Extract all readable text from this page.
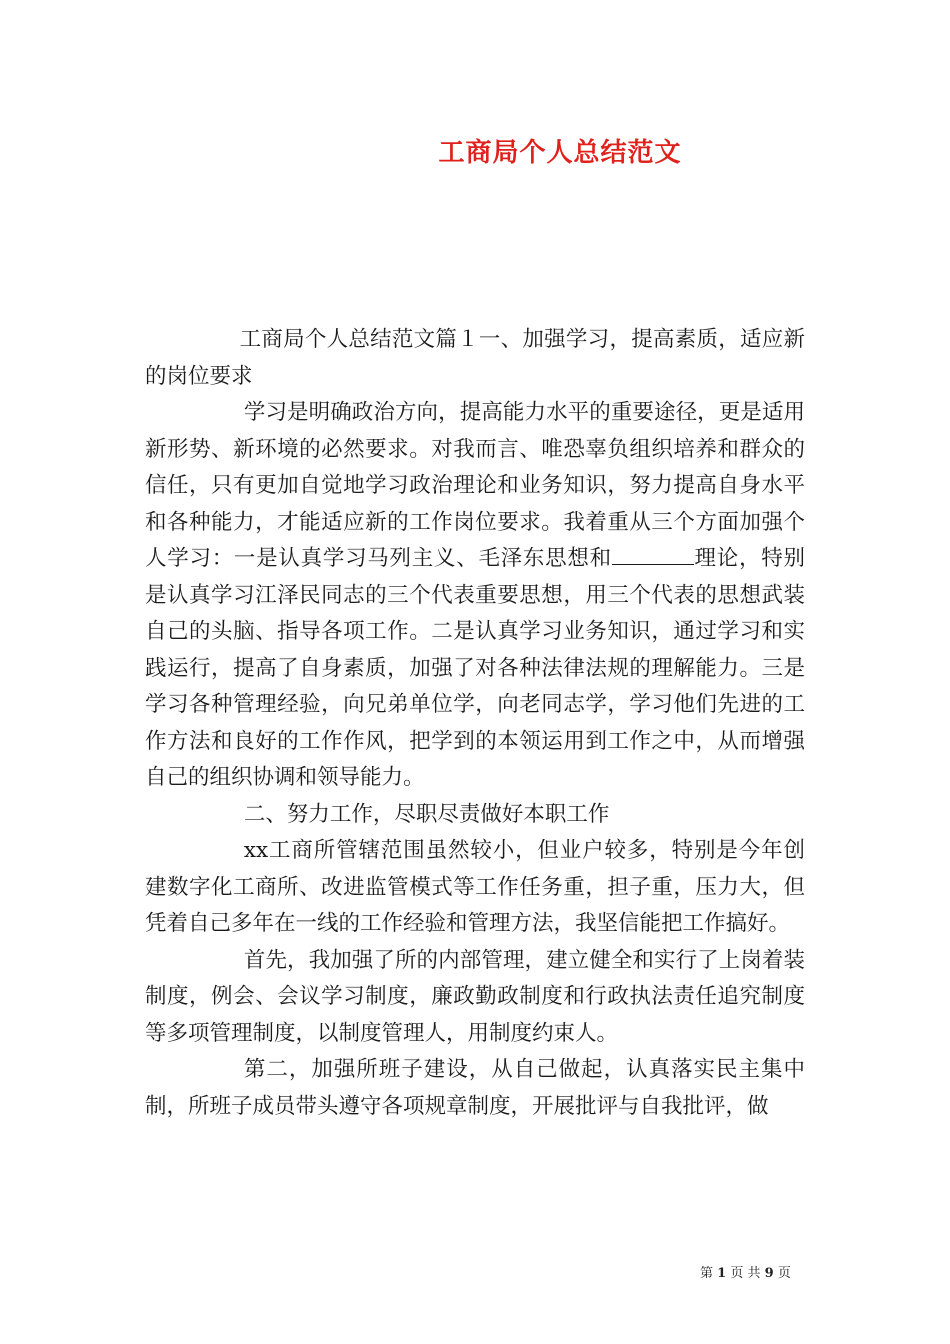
工商局个人总结范文

工商局个人总结范文篇１一、加强学习，提高素质，适应新的岗位要求

学习是明确政治方向，提高能力水平的重要途径，更是适用新形势、新环境的必然要求。对我而言、唯恐辜负组织培养和群众的信任，只有更加自觉地学习政治理论和业务知识，努力提高自身水平和各种能力，才能适应新的工作岗位要求。我着重从三个方面加强个人学习：一是认真学习马列主义、毛泽东思想和	理论，特别是认真学习江泽民同志的三个代表重要思想，用三个代表的思想武装自己的头脑、指导各项工作。二是认真学习业务知识，通过学习和实践运行，提高了自身素质，加强了对各种法律法规的理解能力。三是学习各种管理经验，向兄弟单位学，向老同志学，学习他们先进的工作方法和良好的工作作风，把学到的本领运用到工作之中，从而增强自己的组织协调和领导能力。

二、努力工作，尽职尽责做好本职工作

xx工商所管辖范围虽然较小，但业户较多，特别是今年创建数字化工商所、改进监管模式等工作任务重，担子重，压力大，但凭着自己多年在一线的工作经验和管理方法，我坚信能把工作搞好。

首先，我加强了所的内部管理，建立健全和实行了上岗着装制度，例会、会议学习制度，廉政勤政制度和行政执法责任追究制度等多项管理制度，以制度管理人，用制度约束人。

第二，加强所班子建设，从自己做起，认真落实民主集中制，所班子成员带头遵守各项规章制度，开展批评与自我批评，做

第 1 页 共 9 页
